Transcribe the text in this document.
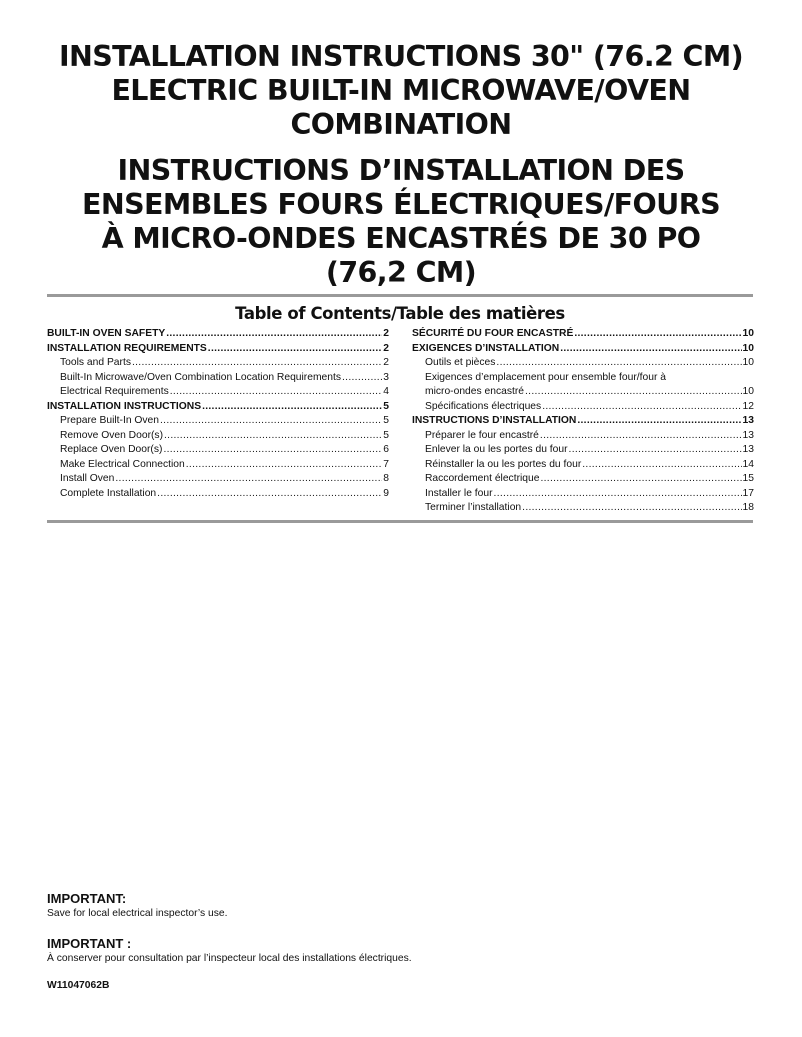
INSTALLATION INSTRUCTIONS 30" (76.2 CM)
ELECTRIC BUILT-IN MICROWAVE/OVEN
COMBINATION
INSTRUCTIONS D’INSTALLATION DES
ENSEMBLES FOURS ÉLECTRIQUES/FOURS
À MICRO-ONDES ENCASTRÉS DE 30 PO
(76,2 CM)
Table of Contents/Table des matières
BUILT-IN OVEN SAFETY .....	2
INSTALLATION REQUIREMENTS .....	2
Tools and Parts .....	2
Built-In Microwave/Oven Combination Location Requirements .....	3
Electrical Requirements .....	4
INSTALLATION INSTRUCTIONS .....	5
Prepare Built-In Oven .....	5
Remove Oven Door(s) .....	5
Replace Oven Door(s) .....	6
Make Electrical Connection .....	7
Install Oven .....	8
Complete Installation .....	9
SÉCURITÉ DU FOUR ENCASTRÉ .....	10
EXIGENCES D’INSTALLATION .....	10
Outils et pièces .....	10
Exigences d’emplacement pour ensemble four/four à
micro-ondes encastré .....	10
Spécifications électriques .....	12
INSTRUCTIONS D’INSTALLATION .....	13
Préparer le four encastré .....	13
Enlever la ou les portes du four .....	13
Réinstaller la ou les portes du four .....	14
Raccordement électrique .....	15
Installer le four .....	17
Terminer l’installation .....	18
IMPORTANT:
Save for local electrical inspector’s use.
IMPORTANT :
À conserver pour consultation par l’inspecteur local des installations électriques.
W11047062B
